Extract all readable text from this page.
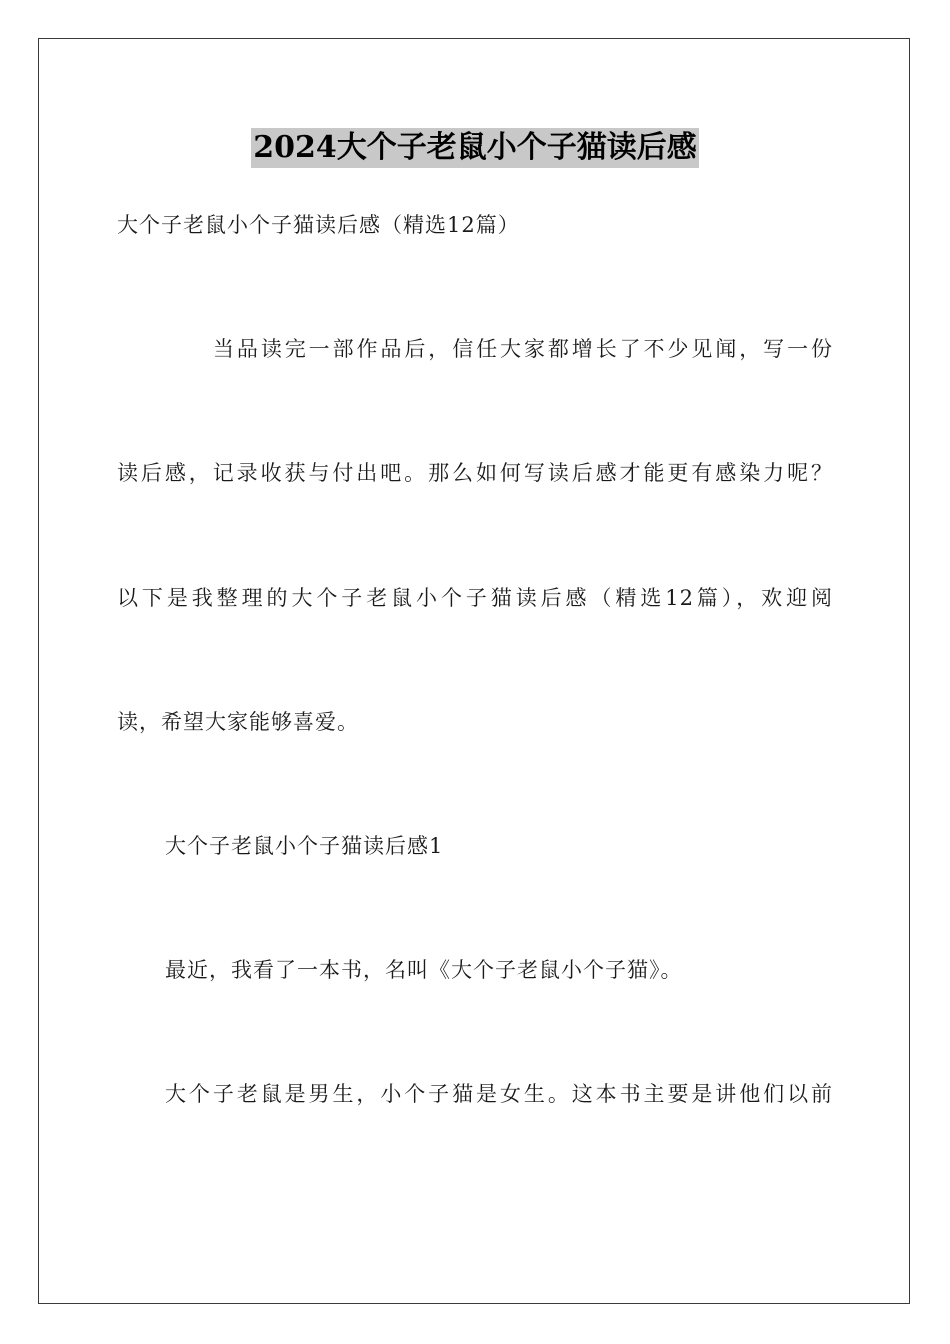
2024大个子老鼠小个子猫读后感
大个子老鼠小个子猫读后感（精选12篇）
当品读完一部作品后，信任大家都增长了不少见闻，写一份
读后感，记录收获与付出吧。那么如何写读后感才能更有感染力呢？
以下是我整理的大个子老鼠小个子猫读后感（精选12篇），欢迎阅
读，希望大家能够喜爱。
大个子老鼠小个子猫读后感1
最近，我看了一本书，名叫《大个子老鼠小个子猫》。
大个子老鼠是男生，小个子猫是女生。这本书主要是讲他们以前
